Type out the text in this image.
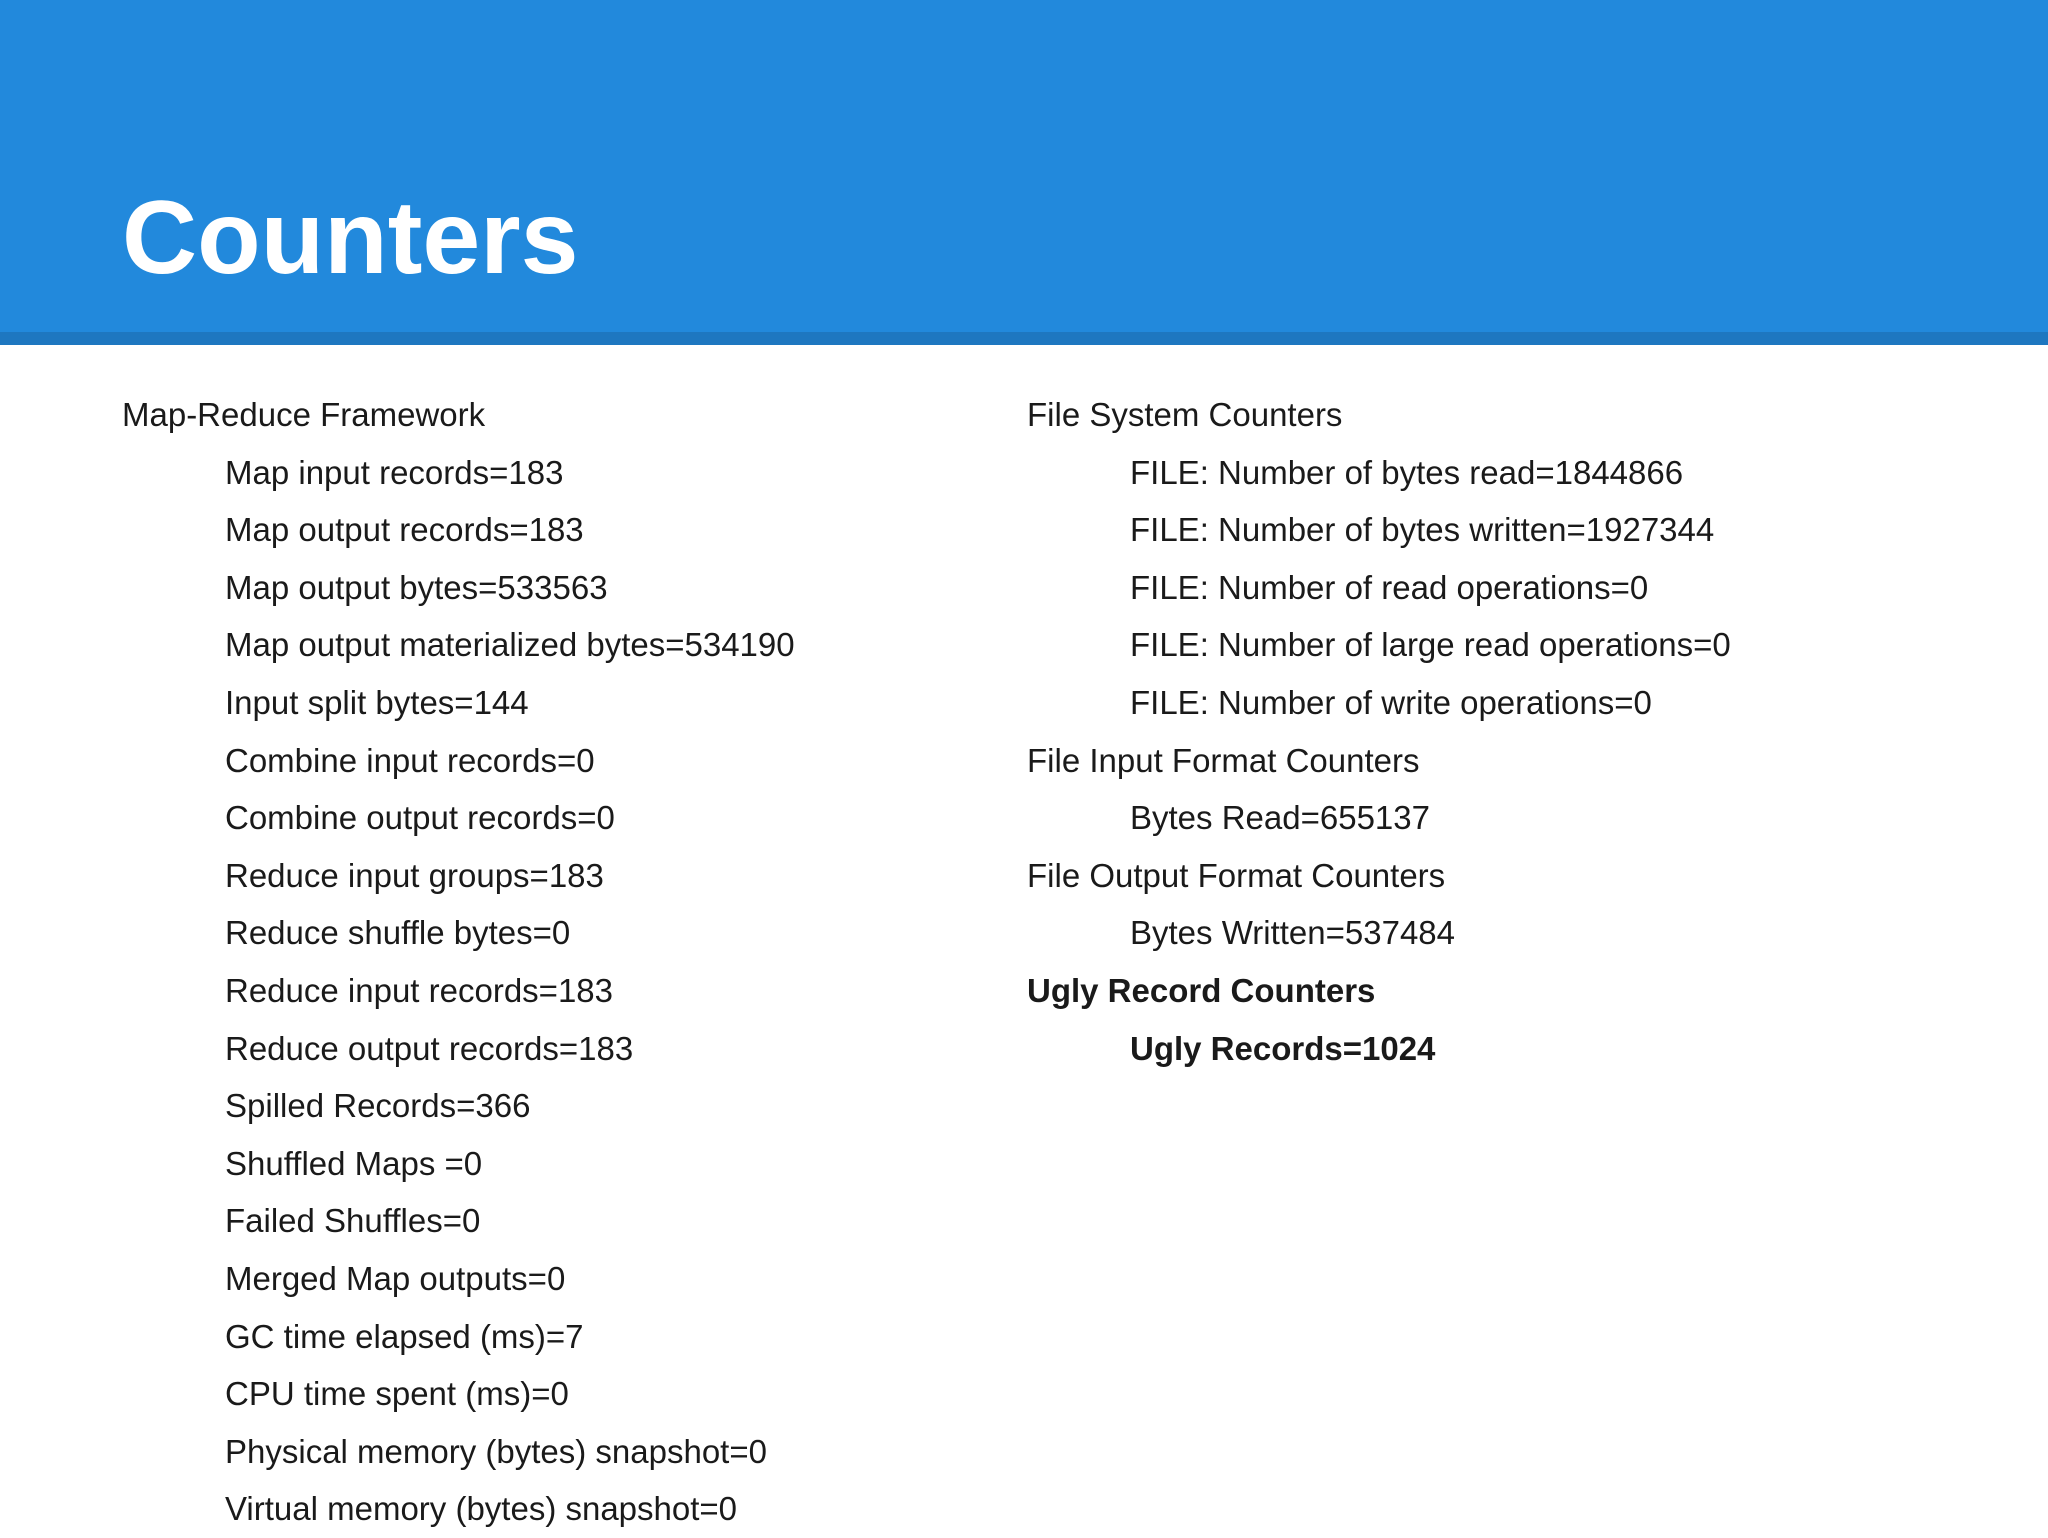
Counters
Map-Reduce Framework
Map input records=183
Map output records=183
Map output bytes=533563
Map output materialized bytes=534190
Input split bytes=144
Combine input records=0
Combine output records=0
Reduce input groups=183
Reduce shuffle bytes=0
Reduce input records=183
Reduce output records=183
Spilled Records=366
Shuffled Maps =0
Failed Shuffles=0
Merged Map outputs=0
GC time elapsed (ms)=7
CPU time spent (ms)=0
Physical memory (bytes) snapshot=0
Virtual memory (bytes) snapshot=0
File System Counters
FILE: Number of bytes read=1844866
FILE: Number of bytes written=1927344
FILE: Number of read operations=0
FILE: Number of large read operations=0
FILE: Number of write operations=0
File Input Format Counters
Bytes Read=655137
File Output Format Counters
Bytes Written=537484
Ugly Record Counters
Ugly Records=1024
